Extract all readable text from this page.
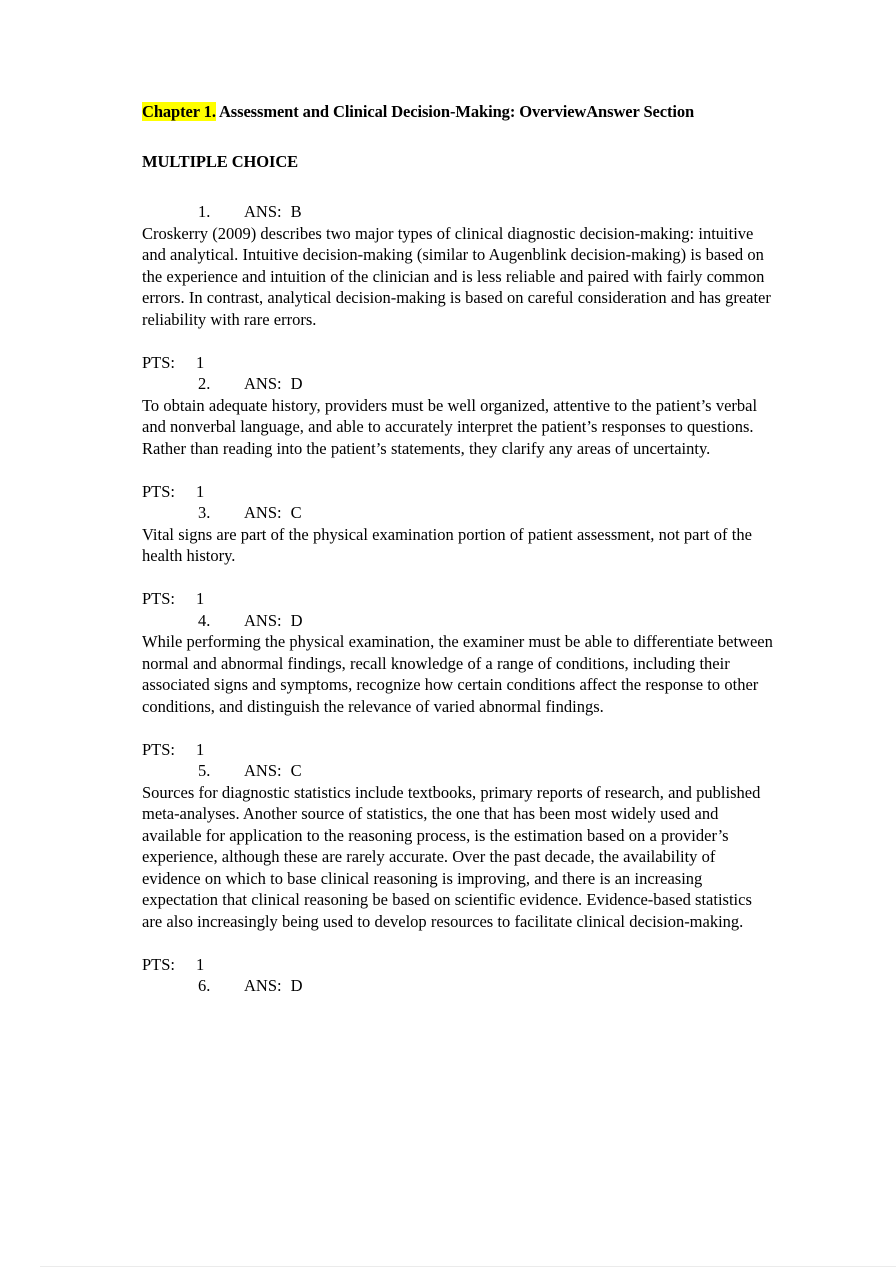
Chapter 1. Assessment and Clinical Decision-Making: OverviewAnswer Section

MULTIPLE CHOICE

1. ANS: B

Croskerry (2009) describes two major types of clinical diagnostic decision-making: intuitive and analytical. Intuitive decision-making (similar to Augenblink decision-making) is based on the experience and intuition of the clinician and is less reliable and paired with fairly common errors. In contrast, analytical decision-making is based on careful consideration and has greater reliability with rare errors.

PTS: 1

2. ANS: D

To obtain adequate history, providers must be well organized, attentive to the patient’s verbal and nonverbal language, and able to accurately interpret the patient’s responses to questions. Rather than reading into the patient’s statements, they clarify any areas of uncertainty.

PTS: 1

3. ANS: C

Vital signs are part of the physical examination portion of patient assessment, not part of the health history.

PTS: 1

4. ANS: D

While performing the physical examination, the examiner must be able to differentiate between normal and abnormal findings, recall knowledge of a range of conditions, including their associated signs and symptoms, recognize how certain conditions affect the response to other conditions, and distinguish the relevance of varied abnormal findings.

PTS: 1

5. ANS: C

Sources for diagnostic statistics include textbooks, primary reports of research, and published meta-analyses. Another source of statistics, the one that has been most widely used and available for application to the reasoning process, is the estimation based on a provider’s experience, although these are rarely accurate. Over the past decade, the availability of evidence on which to base clinical reasoning is improving, and there is an increasing expectation that clinical reasoning be based on scientific evidence. Evidence-based statistics are also increasingly being used to develop resources to facilitate clinical decision-making.

PTS: 1

6. ANS: D
